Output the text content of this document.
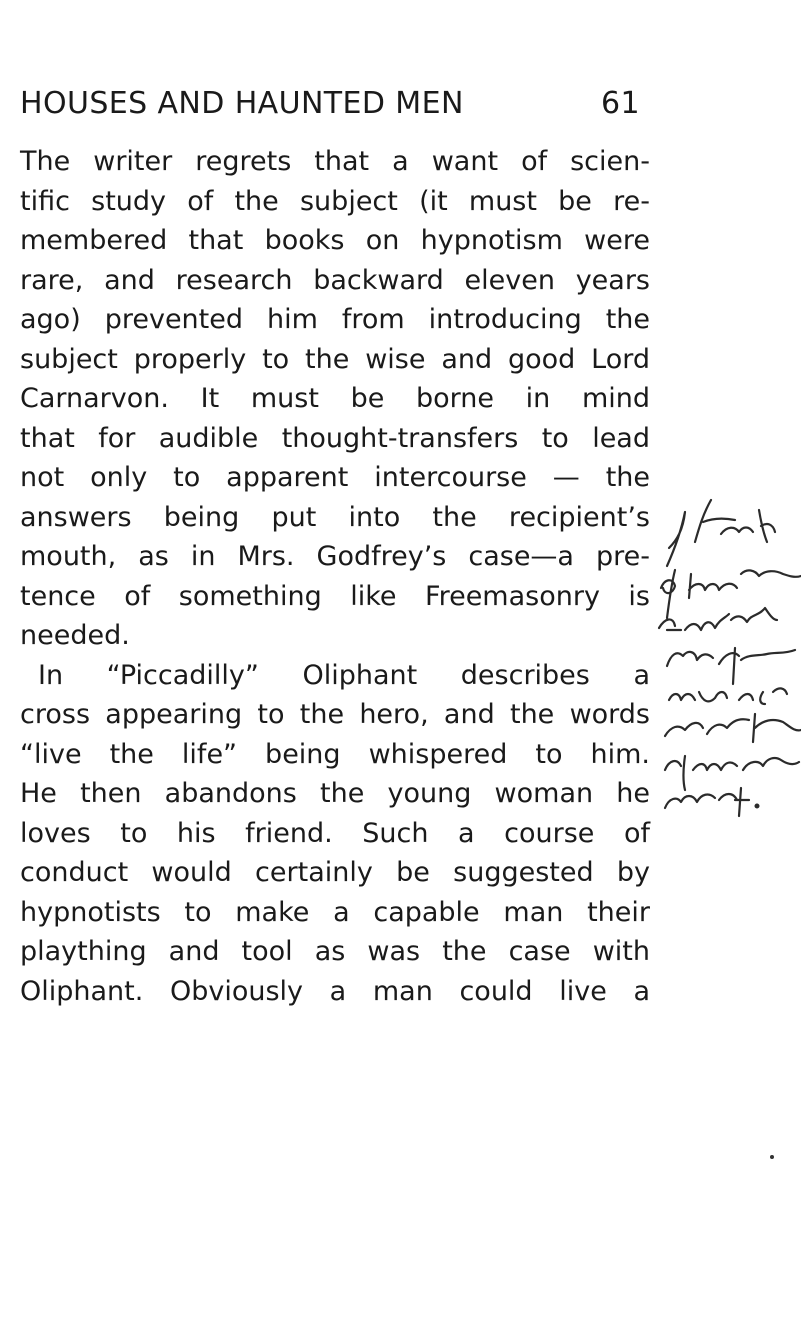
HOUSES AND HAUNTED MEN	61
The writer regrets that a want of scien-
tific study of the subject (it must be re-
membered that books on hypnotism were
rare, and research backward eleven years
ago) prevented him from introducing the
subject properly to the wise and good Lord
Carnarvon. It must be borne in mind
that for audible thought-transfers to lead
not only to apparent intercourse — the
answers being put into the recipient’s
mouth, as in Mrs. Godfrey’s case—a pre-
tence of something like Freemasonry is
needed.
In “Piccadilly” Oliphant describes a
cross appearing to the hero, and the words
“live the life” being whispered to him.
He then abandons the young woman he
loves to his friend. Such a course of
conduct would certainly be suggested by
hypnotists to make a capable man their
plaything and tool as was the case with
Oliphant. Obviously a man could live a
